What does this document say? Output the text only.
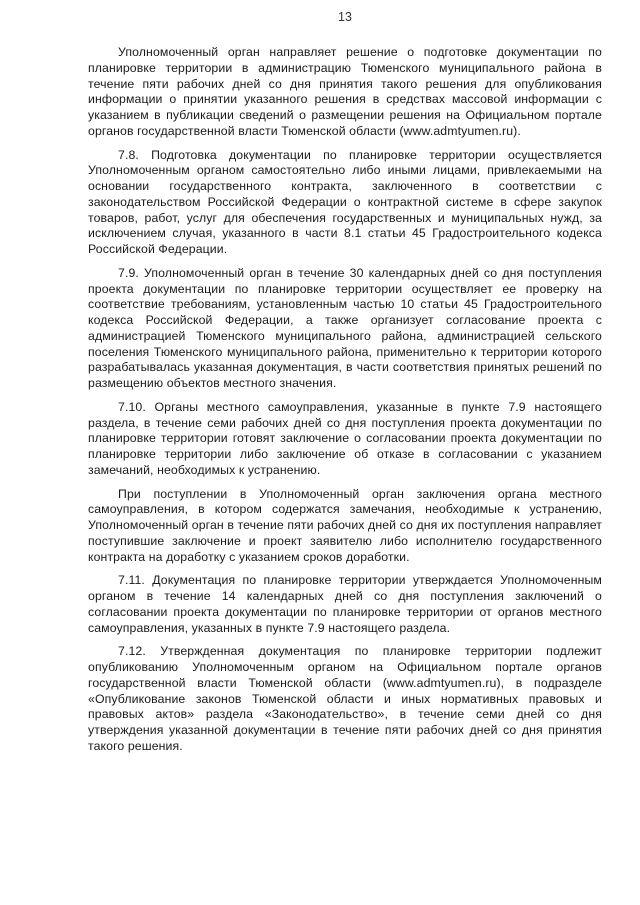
13

Уполномоченный орган направляет решение о подготовке документации по планировке территории в администрацию Тюменского муниципального района в течение пяти рабочих дней со дня принятия такого решения для опубликования информации о принятии указанного решения в средствах массовой информации с указанием в публикации сведений о размещении решения на Официальном портале органов государственной власти Тюменской области (www.admtyumen.ru).

7.8. Подготовка документации по планировке территории осуществляется Уполномоченным органом самостоятельно либо иными лицами, привлекаемыми на основании государственного контракта, заключенного в соответствии с законодательством Российской Федерации о контрактной системе в сфере закупок товаров, работ, услуг для обеспечения государственных и муниципальных нужд, за исключением случая, указанного в части 8.1 статьи 45 Градостроительного кодекса Российской Федерации.

7.9. Уполномоченный орган в течение 30 календарных дней со дня поступления проекта документации по планировке территории осуществляет ее проверку на соответствие требованиям, установленным частью 10 статьи 45 Градостроительного кодекса Российской Федерации, а также организует согласование проекта с администрацией Тюменского муниципального района, администрацией сельского поселения Тюменского муниципального района, применительно к территории которого разрабатывалась указанная документация, в части соответствия принятых решений по размещению объектов местного значения.

7.10. Органы местного самоуправления, указанные в пункте 7.9 настоящего раздела, в течение семи рабочих дней со дня поступления проекта документации по планировке территории готовят заключение о согласовании проекта документации по планировке территории либо заключение об отказе в согласовании с указанием замечаний, необходимых к устранению.

При поступлении в Уполномоченный орган заключения органа местного самоуправления, в котором содержатся замечания, необходимые к устранению, Уполномоченный орган в течение пяти рабочих дней со дня их поступления направляет поступившие заключение и проект заявителю либо исполнителю государственного контракта на доработку с указанием сроков доработки.

7.11. Документация по планировке территории утверждается Уполномоченным органом в течение 14 календарных дней со дня поступления заключений о согласовании проекта документации по планировке территории от органов местного самоуправления, указанных в пункте 7.9 настоящего раздела.

7.12. Утвержденная документация по планировке территории подлежит опубликованию Уполномоченным органом на Официальном портале органов государственной власти Тюменской области (www.admtyumen.ru), в подразделе «Опубликование законов Тюменской области и иных нормативных правовых и правовых актов» раздела «Законодательство», в течение семи дней со дня утверждения указанной документации в течение пяти рабочих дней со дня принятия такого решения.
